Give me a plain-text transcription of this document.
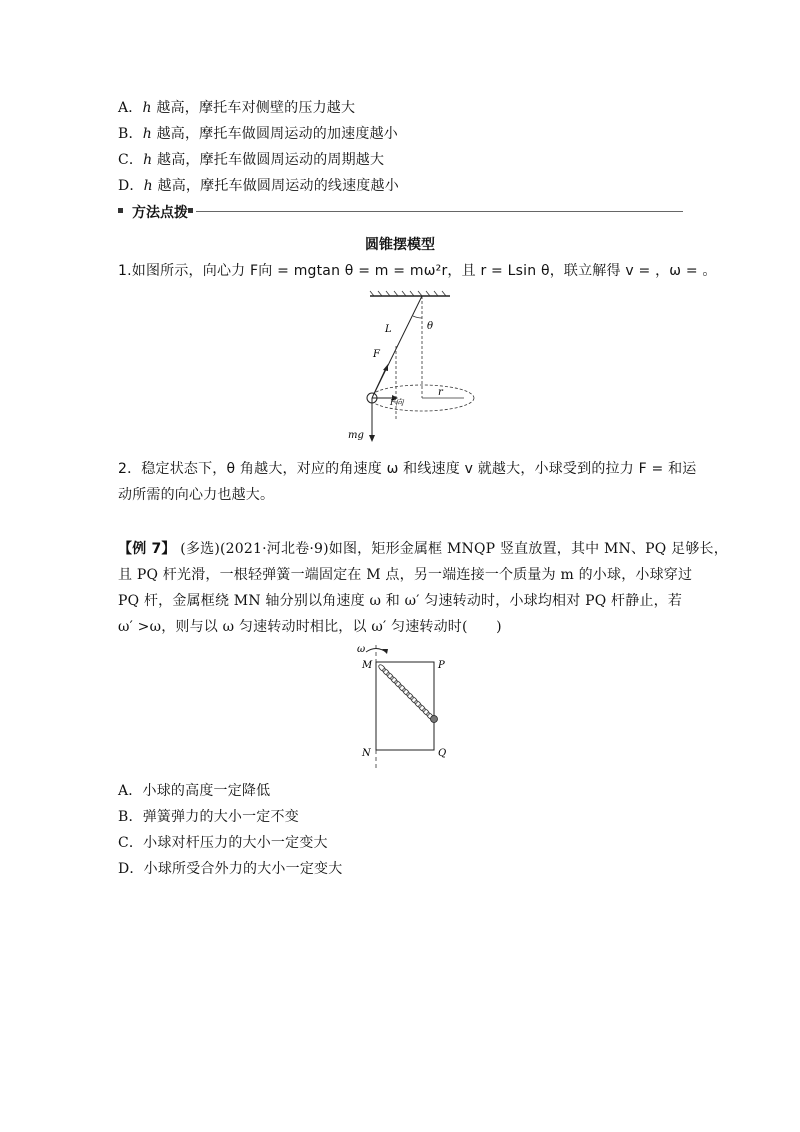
A．h 越高，摩托车对侧壁的压力越大
B．h 越高，摩托车做圆周运动的加速度越小
C．h 越高，摩托车做圆周运动的周期越大
D．h 越高，摩托车做圆周运动的线速度越小
方法点拨
圆锥摆模型
1.如图所示，向心力 F向 = mgtan θ = m = mω²r，且 r = Lsin θ，联立解得 v = ，ω = 。
L	θ
F
F向
r
mg
2．稳定状态下，θ 角越大，对应的角速度 ω 和线速度 v 就越大，小球受到的拉力 F = 和运
动所需的向心力也越大。
【例 7】 (多选)(2021·河北卷·9)如图，矩形金属框 MNQP 竖直放置，其中 MN、PQ 足够长，
且 PQ 杆光滑，一根轻弹簧一端固定在 M 点，另一端连接一个质量为 m 的小球，小球穿过
PQ 杆，金属框绕 MN 轴分别以角速度 ω 和 ω′ 匀速转动时，小球均相对 PQ 杆静止，若
ω′ >ω，则与以 ω 匀速转动时相比，以 ω′ 匀速转动时(　　)
ω
M	P
N	Q
A．小球的高度一定降低
B．弹簧弹力的大小一定不变
C．小球对杆压力的大小一定变大
D．小球所受合外力的大小一定变大
